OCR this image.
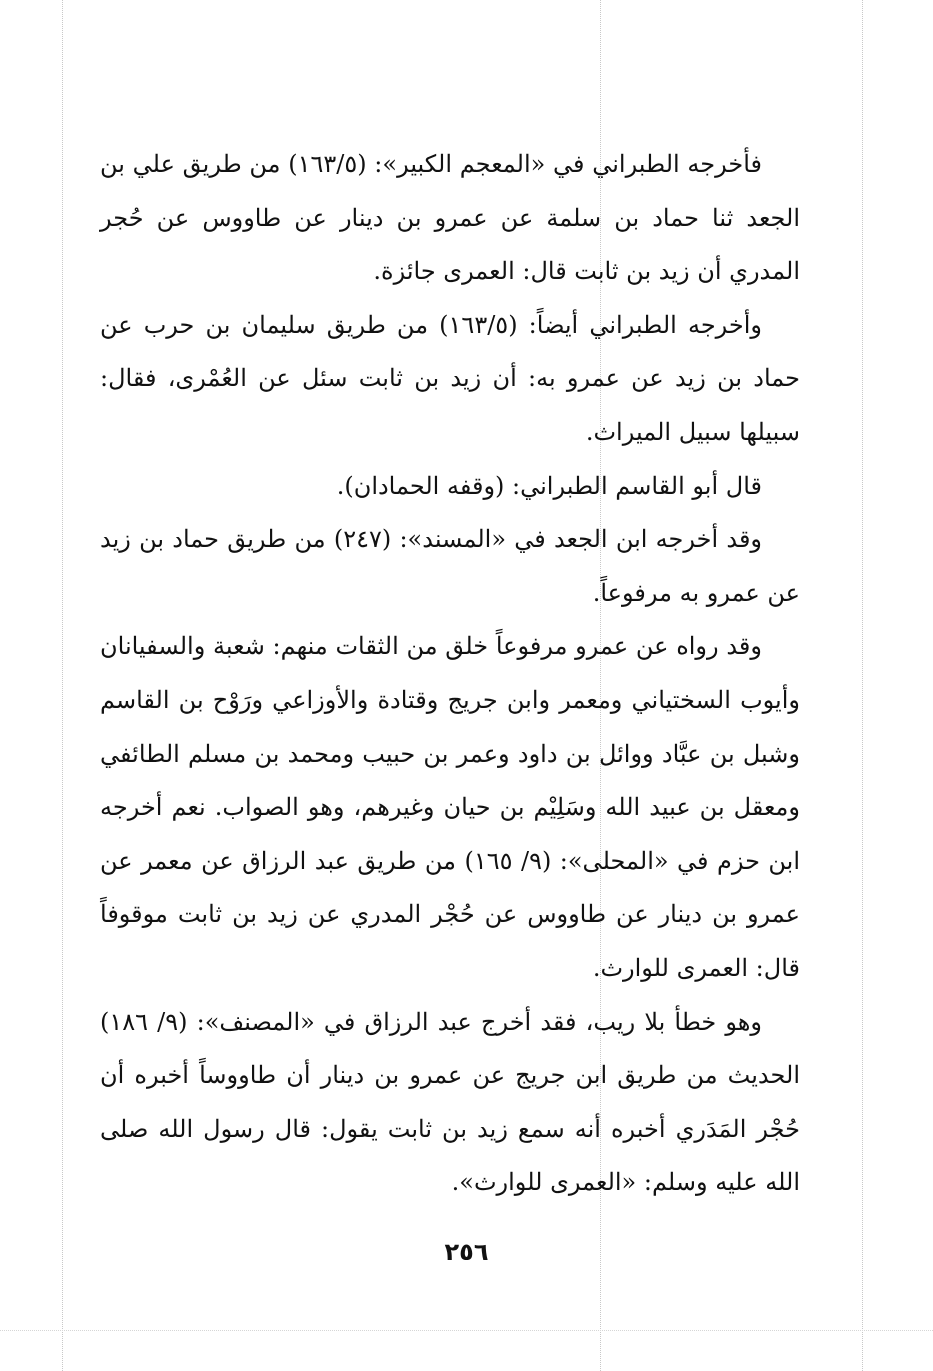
فأخرجه الطبراني في «المعجم الكبير»: (١٦٣/٥) من طريق علي بن الجعد ثنا حماد بن سلمة عن عمرو بن دينار عن طاووس عن حُجر المدري أن زيد بن ثابت قال: العمرى جائزة.

وأخرجه الطبراني أيضاً: (١٦٣/٥) من طريق سليمان بن حرب عن حماد بن زيد عن عمرو به: أن زيد بن ثابت سئل عن العُمْرى، فقال: سبيلها سبيل الميراث.

قال أبو القاسم الطبراني: (وقفه الحمادان).

وقد أخرجه ابن الجعد في «المسند»: (٢٤٧) من طريق حماد بن زيد عن عمرو به مرفوعاً.

وقد رواه عن عمرو مرفوعاً خلق من الثقات منهم: شعبة والسفيانان وأيوب السختياني ومعمر وابن جريج وقتادة والأوزاعي ورَوْح بن القاسم وشبل بن عبَّاد ووائل بن داود وعمر بن حبيب ومحمد بن مسلم الطائفي ومعقل بن عبيد الله وسَلِيْم بن حيان وغيرهم، وهو الصواب. نعم أخرجه ابن حزم في «المحلى»: (٩/ ١٦٥) من طريق عبد الرزاق عن معمر عن عمرو بن دينار عن طاووس عن حُجْر المدري عن زيد بن ثابت موقوفاً قال: العمرى للوارث.

وهو خطأ بلا ريب، فقد أخرج عبد الرزاق في «المصنف»: (٩/ ١٨٦) الحديث من طريق ابن جريج عن عمرو بن دينار أن طاووساً أخبره أن حُجْر المَدَري أخبره أنه سمع زيد بن ثابت يقول: قال رسول الله صلى الله عليه وسلم: «العمرى للوارث».

٢٥٦
